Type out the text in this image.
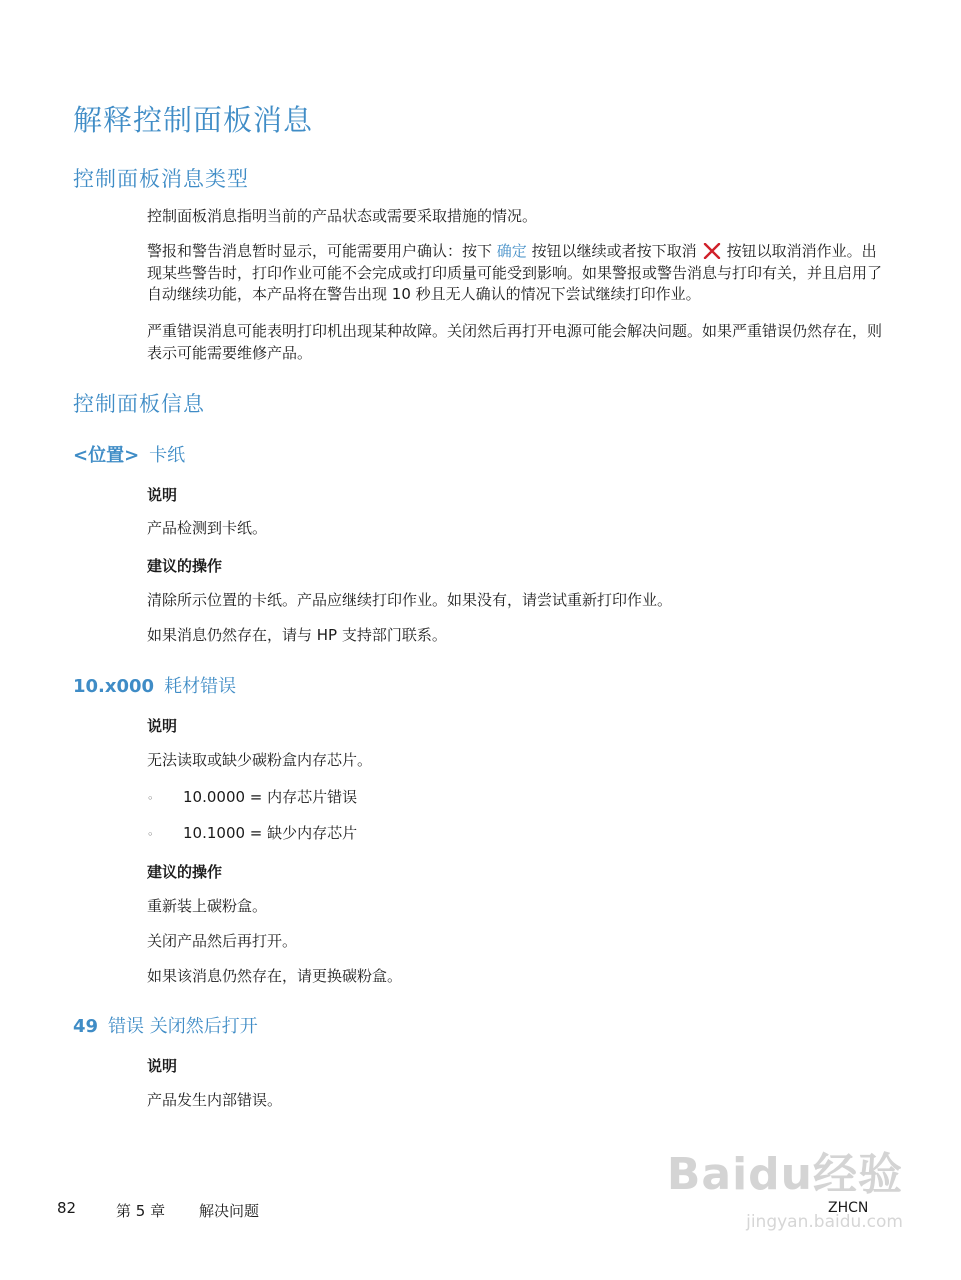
解释控制面板消息
控制面板消息类型

控制面板消息指明当前的产品状态或需要采取措施的情况。

警报和警告消息暂时显示，可能需要用户确认：按下 确定 按钮以继续或者按下取消 按钮以取消消作业。出现某些警告时，打印作业可能不会完成或打印质量可能受到影响。如果警报或警告消息与打印有关，并且启用了自动继续功能，本产品将在警告出现 10 秒且无人确认的情况下尝试继续打印作业。

严重错误消息可能表明打印机出现某种故障。关闭然后再打开电源可能会解决问题。如果严重错误仍然存在，则表示可能需要维修产品。

控制面板信息
<位置> 卡纸
说明
产品检测到卡纸。
建议的操作
清除所示位置的卡纸。产品应继续打印作业。如果没有，请尝试重新打印作业。
如果消息仍然存在，请与 HP 支持部门联系。
10.x000 耗材错误
说明
无法读取或缺少碳粉盒内存芯片。
◦ 10.0000 = 内存芯片错误
◦ 10.1000 = 缺少内存芯片
建议的操作
重新装上碳粉盒。
关闭产品然后再打开。
如果该消息仍然存在，请更换碳粉盒。
49 错误 关闭然后打开
说明
产品发生内部错误。
Baidu经验
jingyan.baidu.com
82	第 5 章 解决问题	ZHCN
